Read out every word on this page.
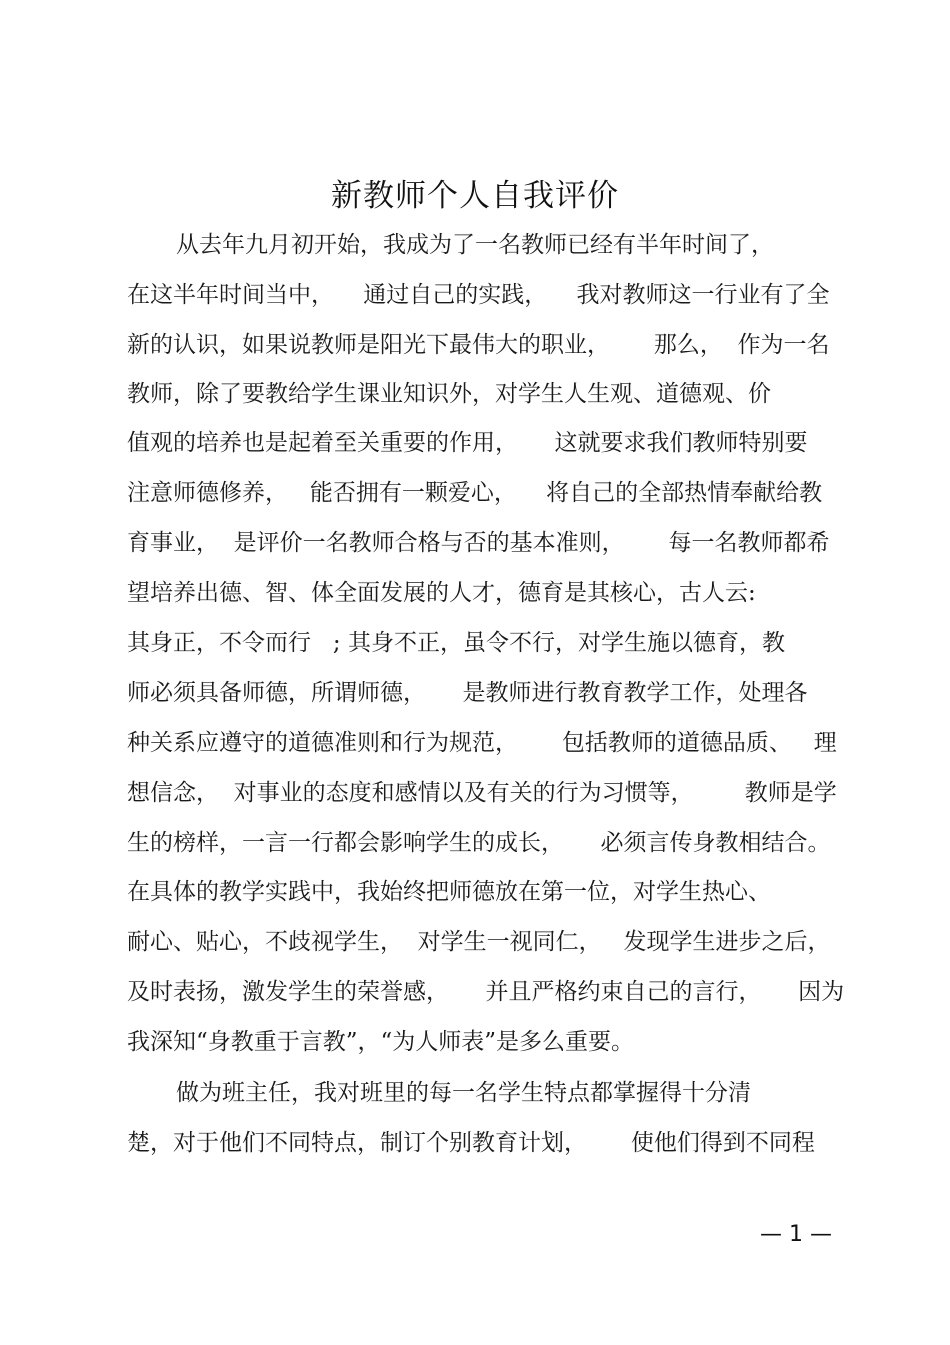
新教师个人自我评价
从去年九月初开始，我成为了一名教师已经有半年时间了，
在这半年时间当中，    通过自己的实践，    我对教师这一行业有了全
新的认识，如果说教师是阳光下最伟大的职业，      那么，  作为一名
教师，除了要教给学生课业知识外，对学生人生观、道德观、价
值观的培养也是起着至关重要的作用，     这就要求我们教师特别要
注意师德修养，   能否拥有一颗爱心，    将自己的全部热情奉献给教
育事业，  是评价一名教师合格与否的基本准则，      每一名教师都希
望培养出德、智、体全面发展的人才，德育是其核心，古人云:
其身正，不令而行   ; 其身不正，虽令不行，对学生施以德育，教
师必须具备师德，所谓师德，     是教师进行教育教学工作，处理各
种关系应遵守的道德准则和行为规范，      包括教师的道德品质、   理
想信念，  对事业的态度和感情以及有关的行为习惯等，       教师是学
生的榜样，一言一行都会影响学生的成长，     必须言传身教相结合。
在具体的教学实践中，我始终把师德放在第一位，对学生热心、
耐心、贴心，不歧视学生，  对学生一视同仁，   发现学生进步之后，
及时表扬，激发学生的荣誉感，     并且严格约束自己的言行，     因为
我深知“身教重于言教”，“为人师表”是多么重要。
做为班主任，我对班里的每一名学生特点都掌握得十分清
楚，对于他们不同特点，制订个别教育计划，      使他们得到不同程
— 1 —
